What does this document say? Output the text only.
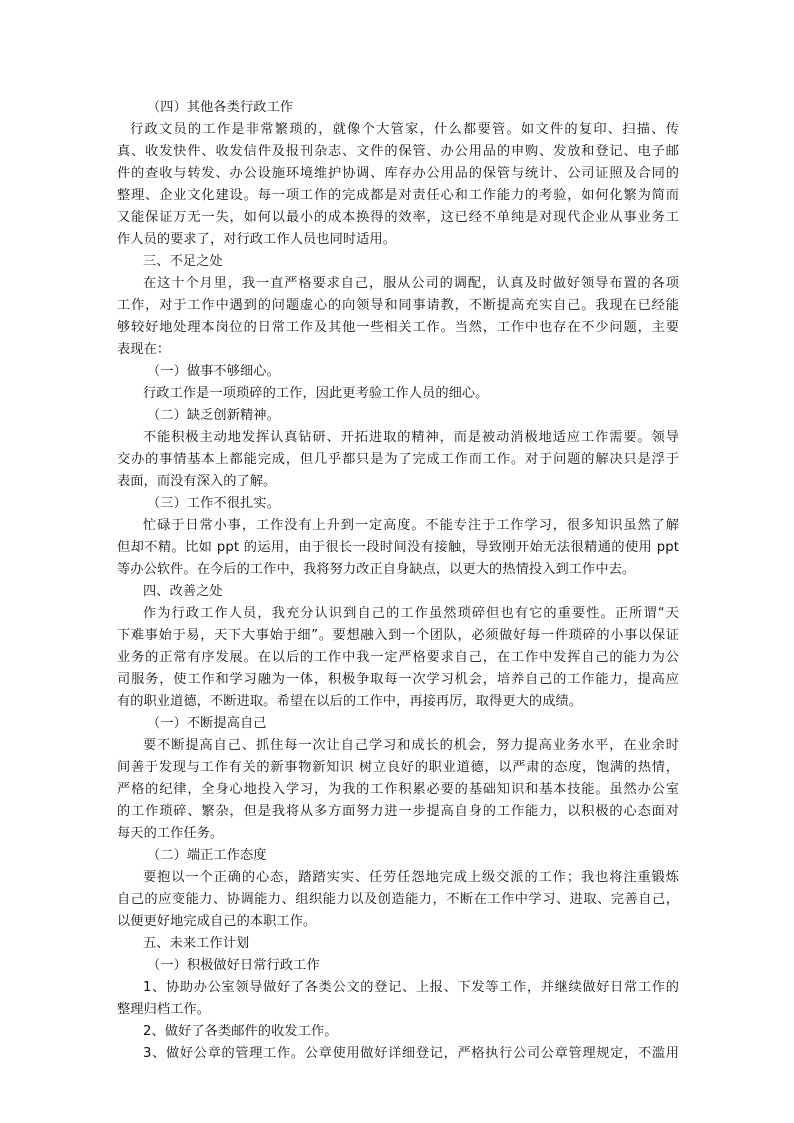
（四）其他各类行政工作
行政文员的工作是非常繁琐的，就像个大管家，什么都要管。如文件的复印、扫描、传
真、收发快件、收发信件及报刊杂志、文件的保管、办公用品的申购、发放和登记、电子邮
件的查收与转发、办公设施环境维护协调、库存办公用品的保管与统计、公司证照及合同的
整理、企业文化建设。每一项工作的完成都是对责任心和工作能力的考验，如何化繁为简而
又能保证万无一失，如何以最小的成本换得的效率，这已经不单纯是对现代企业从事业务工
作人员的要求了，对行政工作人员也同时适用。
三、不足之处
在这十个月里，我一直严格要求自己，服从公司的调配，认真及时做好领导布置的各项
工作，对于工作中遇到的问题虚心的向领导和同事请教，不断提高充实自己。我现在已经能
够较好地处理本岗位的日常工作及其他一些相关工作。当然，工作中也存在不少问题，主要
表现在：
（一）做事不够细心。
行政工作是一项琐碎的工作，因此更考验工作人员的细心。
（二）缺乏创新精神。
不能积极主动地发挥认真钻研、开拓进取的精神，而是被动消极地适应工作需要。领导
交办的事情基本上都能完成，但几乎都只是为了完成工作而工作。对于问题的解决只是浮于
表面，而没有深入的了解。
（三）工作不很扎实。
忙碌于日常小事，工作没有上升到一定高度。不能专注于工作学习，很多知识虽然了解
但却不精。比如 ppt 的运用，由于很长一段时间没有接触，导致刚开始无法很精通的使用 ppt
等办公软件。在今后的工作中，我将努力改正自身缺点，以更大的热情投入到工作中去。
四、改善之处
作为行政工作人员，我充分认识到自己的工作虽然琐碎但也有它的重要性。正所谓“天
下难事始于易，天下大事始于细”。要想融入到一个团队，必须做好每一件琐碎的小事以保证
业务的正常有序发展。在以后的工作中我一定严格要求自己，在工作中发挥自己的能力为公
司服务，使工作和学习融为一体，积极争取每一次学习机会，培养自己的工作能力，提高应
有的职业道德，不断进取。希望在以后的工作中，再接再厉，取得更大的成绩。
（一）不断提高自己
要不断提高自己、抓住每一次让自己学习和成长的机会，努力提高业务水平，在业余时
间善于发现与工作有关的新事物新知识 树立良好的职业道德，以严肃的态度，饱满的热情，
严格的纪律，全身心地投入学习，为我的工作积累必要的基础知识和基本技能。虽然办公室
的工作琐碎、繁杂，但是我将从多方面努力进一步提高自身的工作能力，以积极的心态面对
每天的工作任务。
（二）端正工作态度
要抱以一个正确的心态，踏踏实实、任劳任怨地完成上级交派的工作；我也将注重锻炼
自己的应变能力、协调能力、组织能力以及创造能力，不断在工作中学习、进取、完善自己，
以便更好地完成自己的本职工作。
五、未来工作计划
（一）积极做好日常行政工作
1、协助办公室领导做好了各类公文的登记、上报、下发等工作，并继续做好日常工作的
整理归档工作。
2、做好了各类邮件的收发工作。
3、做好公章的管理工作。公章使用做好详细登记，严格执行公司公章管理规定，不滥用
